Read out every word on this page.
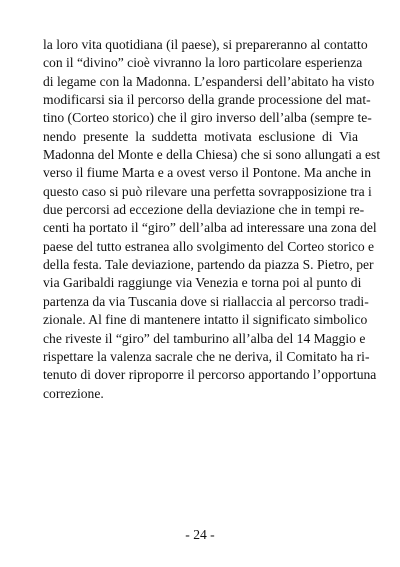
la loro vita quotidiana (il paese), si prepareranno al contatto
con il “divino” cioè vivranno la loro particolare esperienza
di legame con la Madonna. L’espandersi dell’abitato ha visto
modificarsi sia il percorso della grande processione del mat-
tino (Corteo storico) che il giro inverso dell’alba (sempre te-
nendo presente la suddetta motivata esclusione di Via
Madonna del Monte e della Chiesa) che si sono allungati a est
verso il fiume Marta e a ovest verso il Pontone. Ma anche in
questo caso si può rilevare una perfetta sovrapposizione tra i
due percorsi ad eccezione della deviazione che in tempi re-
centi ha portato il “giro” dell’alba ad interessare una zona del
paese del tutto estranea allo svolgimento del Corteo storico e
della festa. Tale deviazione, partendo da piazza S. Pietro, per
via Garibaldi raggiunge via Venezia e torna poi al punto di
partenza da via Tuscania dove si riallaccia al percorso tradi-
zionale. Al fine di mantenere intatto il significato simbolico
che riveste il “giro” del tamburino all’alba del 14 Maggio e
rispettare la valenza sacrale che ne deriva, il Comitato ha ri-
tenuto di dover riproporre il percorso apportando l’opportuna
correzione.
- 24 -
